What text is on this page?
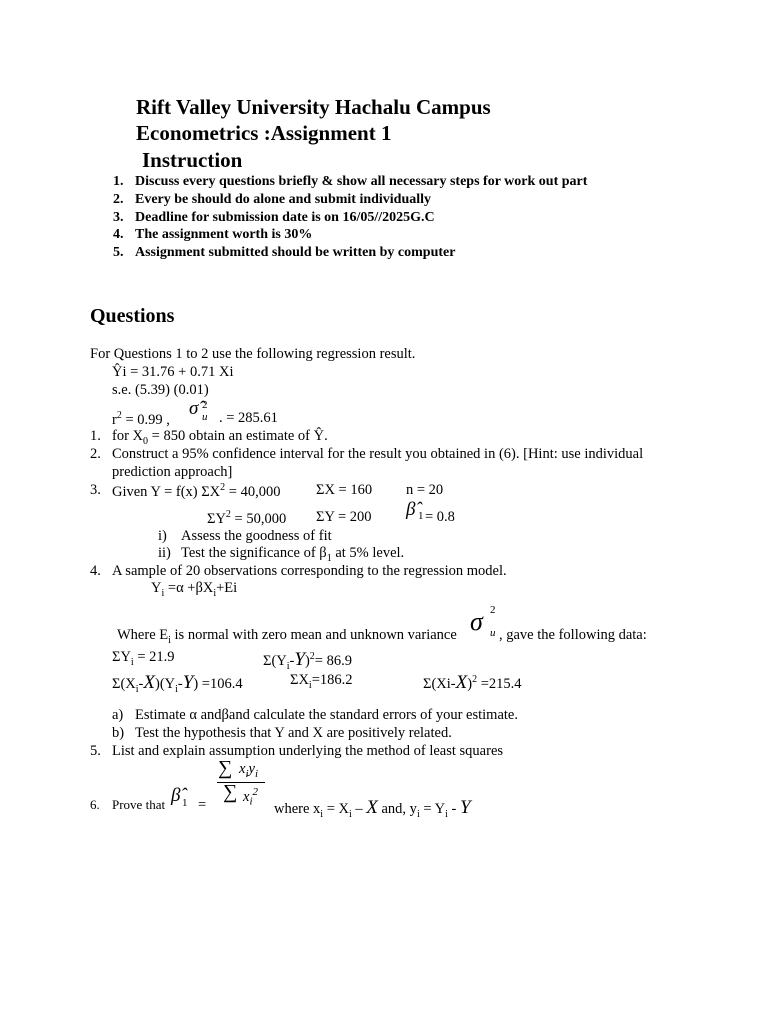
Rift Valley University Hachalu Campus
Econometrics :Assignment 1
Instruction
1. Discuss every questions briefly & show all necessary steps for work out part
2. Every be should do alone and submit individually
3. Deadline for submission date is on 16/05//2025G.C
4. The assignment worth is 30%
5. Assignment submitted should be written by computer
Questions
For Questions 1 to 2 use the following regression result.
Ŷi = 31.76 + 0.71 Xi
s.e. (5.39) (0.01)
$r^2 = 0.99$ ,
σ̂ 2
u . = 285.61
1. for $X_0 = 850$ obtain an estimate of Ŷ.
2. Construct a 95% confidence interval for the result you obtained in (6). [Hint: use individual
prediction approach]
3. Given Y = f(x) $\Sigma X^2 = 40,000$ ΣX = 160 n = 20
$\Sigma Y^2 = 50,000$ ΣY = 200 β̂ 1 = 0.8
i) Assess the goodness of fit
ii) Test the significance of $\beta_1$ at 5% level.
4. A sample of 20 observations corresponding to the regression model.
$Y_i =\alpha +\beta X_i+Ei$
Where $E_i$ is normal with zero mean and unknown variance σ 2
u , gave the following data:
$\Sigma Y_i = 21.9$	$\Sigma(Y_i-Y)^2= 86.9$
$\Sigma(X_i-X)(Y_i-Y) =106.4$	$\Sigma X_i=186.2$	$\Sigma(Xi-X)^2 =215.4$
a) Estimate α andβand calculate the standard errors of your estimate.
b) Test the hypothesis that Y and X are positively related.
5. List and explain assumption underlying the method of least squares
6. Prove that β̂ 1 =
∑ $x_iy_i$
∑ $x_i^2$
where $x_i = X_i - X$ and, $y_i = Y_i - Y$
